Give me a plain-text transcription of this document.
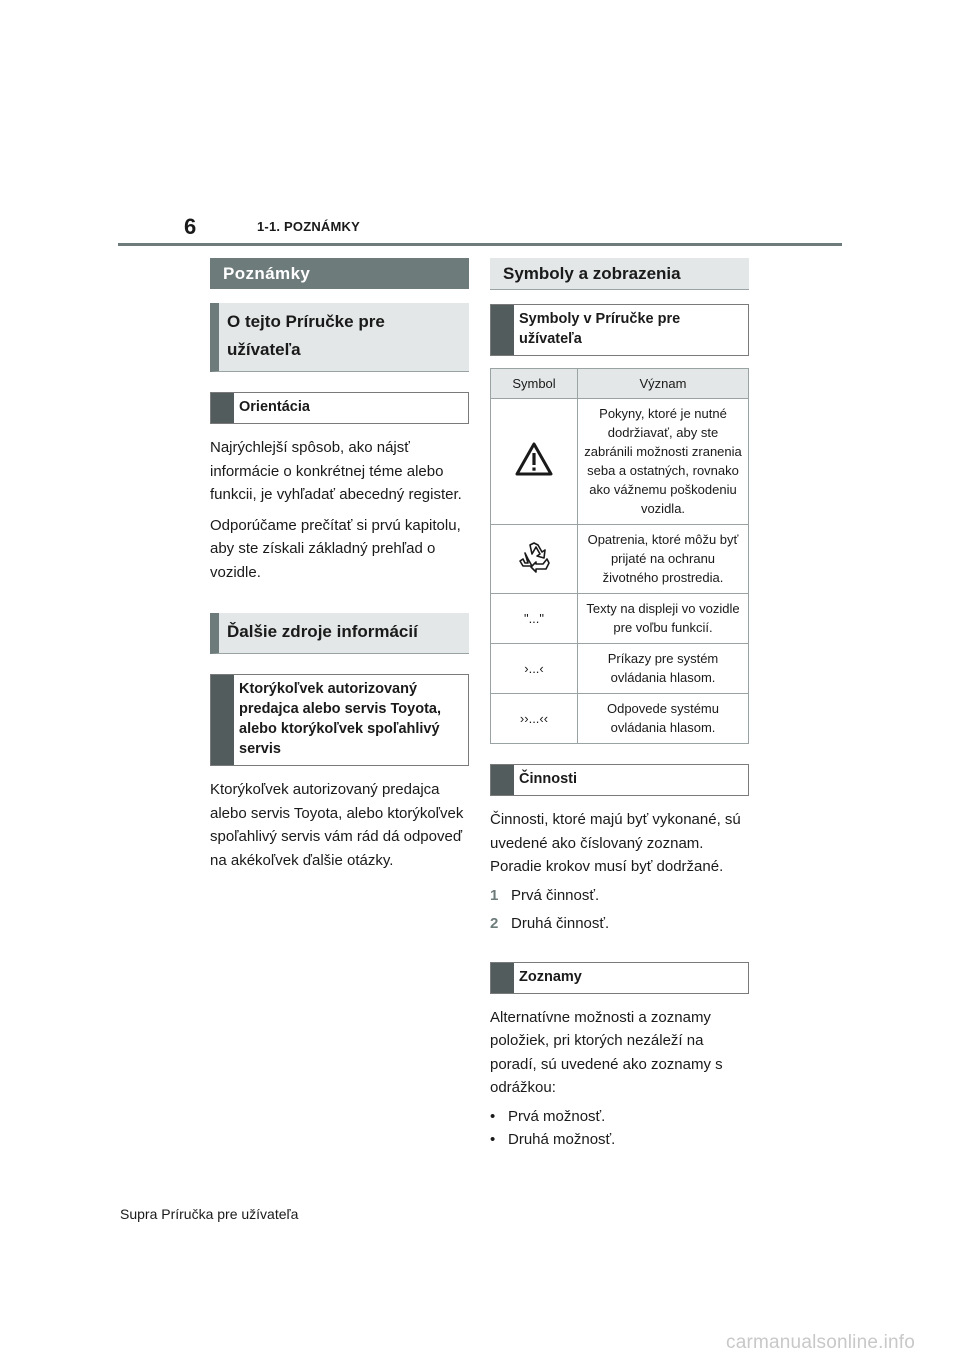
6	1-1. POZNÁMKY
Poznámky
O tejto Príručke pre užívateľa
Orientácia

Najrýchlejší spôsob, ako nájsť informácie o konkrétnej téme alebo funkcii, je vyhľadať abecedný register.

Odporúčame prečítať si prvú kapitolu, aby ste získali základný prehľad o vozidle.

Ďalšie zdroje informácií
Ktorýkoľvek autorizovaný predajca alebo servis Toyota, alebo ktorýkoľvek spoľahlivý servis

Ktorýkoľvek autorizovaný predajca alebo servis Toyota, alebo ktorýkoľvek spoľahlivý servis vám rád dá odpoveď na akékoľvek ďalšie otázky.

Symboly a zobrazenia
Symboly v Príručke pre užívateľa
Symbol	Význam
	Pokyny, ktoré je nutné dodržiavať, aby ste zabránili možnosti zranenia seba a ostatných, rovnako ako vážnemu poškodeniu vozidla.
	Opatrenia, ktoré môžu byť prijaté na ochranu životného prostredia.
"..."	Texty na displeji vo vozidle pre voľbu funkcií.
›...‹	Príkazy pre systém ovládania hlasom.
››...‹‹	Odpovede systému ovládania hlasom.
Činnosti

Činnosti, ktoré majú byť vykonané, sú uvedené ako číslovaný zoznam. Poradie krokov musí byť dodržané.

1 Prvá činnosť.
2 Druhá činnosť.
Zoznamy

Alternatívne možnosti a zoznamy položiek, pri ktorých nezáleží na poradí, sú uvedené ako zoznamy s odrážkou:

• Prvá možnosť.
• Druhá možnosť.
Supra Príručka pre užívateľa
carmanualsonline.info
